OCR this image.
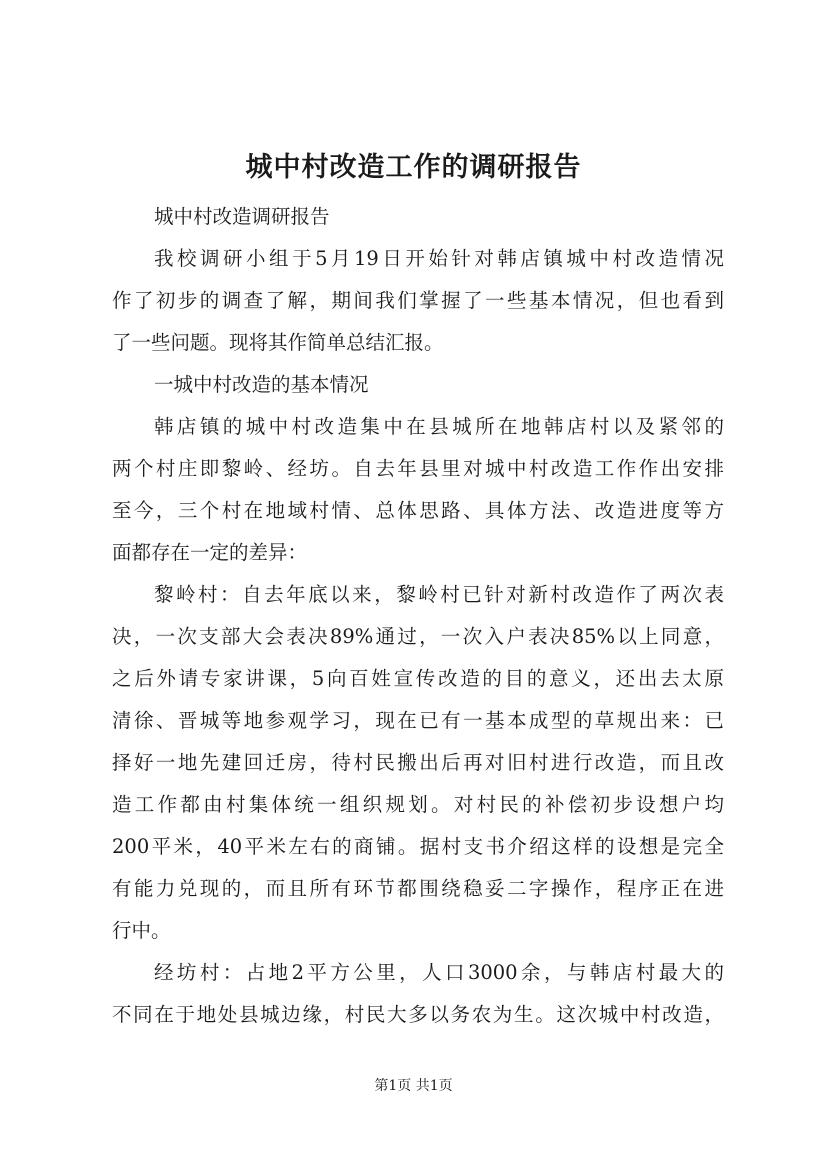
城中村改造工作的调研报告
城中村改造调研报告
我校调研小组于5月19日开始针对韩店镇城中村改造情况
作了初步的调查了解，期间我们掌握了一些基本情况，但也看到
了一些问题。现将其作简单总结汇报。
一城中村改造的基本情况
韩店镇的城中村改造集中在县城所在地韩店村以及紧邻的
两个村庄即黎岭、经坊。自去年县里对城中村改造工作作出安排
至今，三个村在地域村情、总体思路、具体方法、改造进度等方
面都存在一定的差异：
黎岭村：自去年底以来，黎岭村已针对新村改造作了两次表
决，一次支部大会表决89%通过，一次入户表决85%以上同意，
之后外请专家讲课，5向百姓宣传改造的目的意义，还出去太原
清徐、晋城等地参观学习，现在已有一基本成型的草规出来：已
择好一地先建回迁房，待村民搬出后再对旧村进行改造，而且改
造工作都由村集体统一组织规划。对村民的补偿初步设想户均
200平米，40平米左右的商铺。据村支书介绍这样的设想是完全
有能力兑现的，而且所有环节都围绕稳妥二字操作，程序正在进
行中。
经坊村：占地2平方公里，人口3000余，与韩店村最大的
不同在于地处县城边缘，村民大多以务农为生。这次城中村改造，
第1页 共1页
